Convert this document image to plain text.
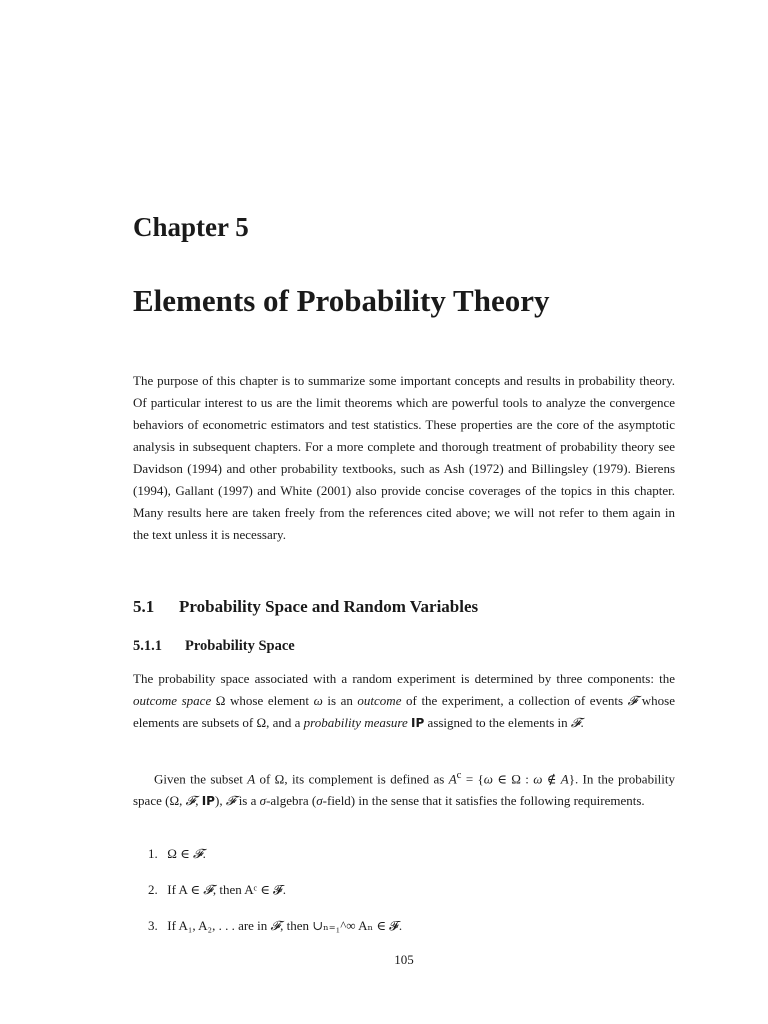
Chapter 5
Elements of Probability Theory

The purpose of this chapter is to summarize some important concepts and results in probability theory. Of particular interest to us are the limit theorems which are powerful tools to analyze the convergence behaviors of econometric estimators and test statistics. These properties are the core of the asymptotic analysis in subsequent chapters. For a more complete and thorough treatment of probability theory see Davidson (1994) and other probability textbooks, such as Ash (1972) and Billingsley (1979). Bierens (1994), Gallant (1997) and White (2001) also provide concise coverages of the topics in this chapter. Many results here are taken freely from the references cited above; we will not refer to them again in the text unless it is necessary.

5.1 Probability Space and Random Variables
5.1.1 Probability Space

The probability space associated with a random experiment is determined by three components: the outcome space Ω whose element ω is an outcome of the experiment, a collection of events 𝓕 whose elements are subsets of Ω, and a probability measure IP assigned to the elements in 𝓕.

Given the subset A of Ω, its complement is defined as $A^c = \{\omega$ ∈ Ω : ω ∉ A}. In the probability space (Ω, 𝓕, IP), 𝓕 is a σ-algebra (σ-field) in the sense that it satisfies the following requirements.

1. Ω ∈ 𝓕.
2. If A ∈ 𝓕, then Aᶜ ∈ 𝓕.
3. If A₁, A₂, . . . are in 𝓕, then ∪ₙ₌₁^∞ Aₙ ∈ 𝓕.
105
